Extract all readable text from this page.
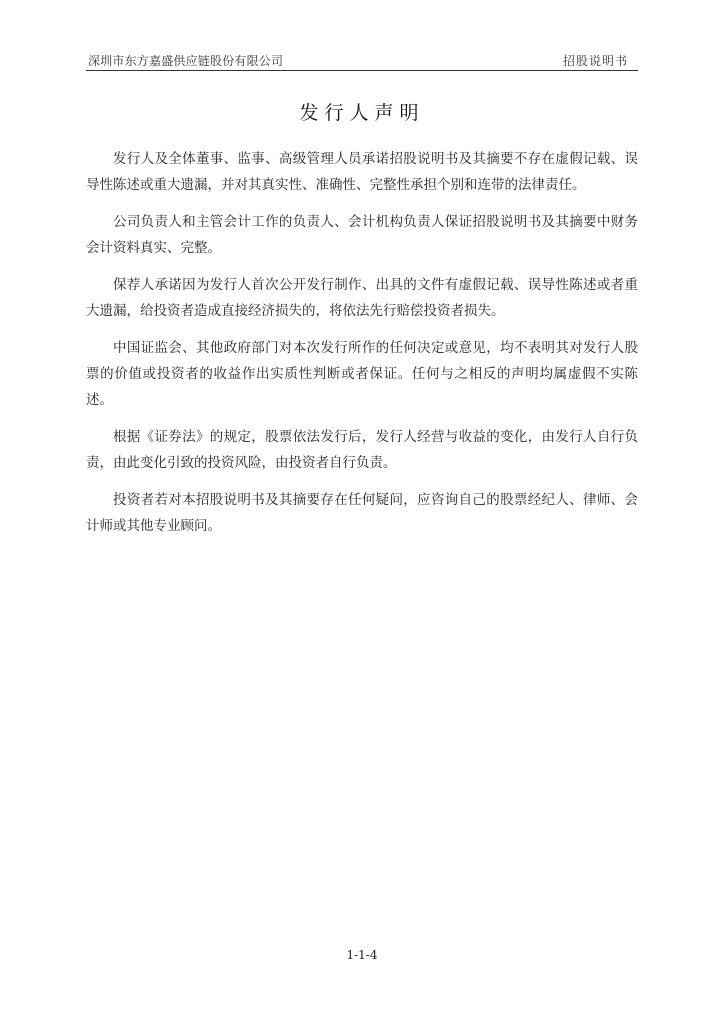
深圳市东方嘉盛供应链股份有限公司	招股说明书
发行人声明

发行人及全体董事、监事、高级管理人员承诺招股说明书及其摘要不存在虚假记载、误导性陈述或重大遗漏，并对其真实性、准确性、完整性承担个别和连带的法律责任。

公司负责人和主管会计工作的负责人、会计机构负责人保证招股说明书及其摘要中财务会计资料真实、完整。

保荐人承诺因为发行人首次公开发行制作、出具的文件有虚假记载、误导性陈述或者重大遗漏，给投资者造成直接经济损失的，将依法先行赔偿投资者损失。

中国证监会、其他政府部门对本次发行所作的任何决定或意见，均不表明其对发行人股票的价值或投资者的收益作出实质性判断或者保证。任何与之相反的声明均属虚假不实陈述。

根据《证券法》的规定，股票依法发行后，发行人经营与收益的变化，由发行人自行负责，由此变化引致的投资风险，由投资者自行负责。

投资者若对本招股说明书及其摘要存在任何疑问，应咨询自己的股票经纪人、律师、会计师或其他专业顾问。

1-1-4
